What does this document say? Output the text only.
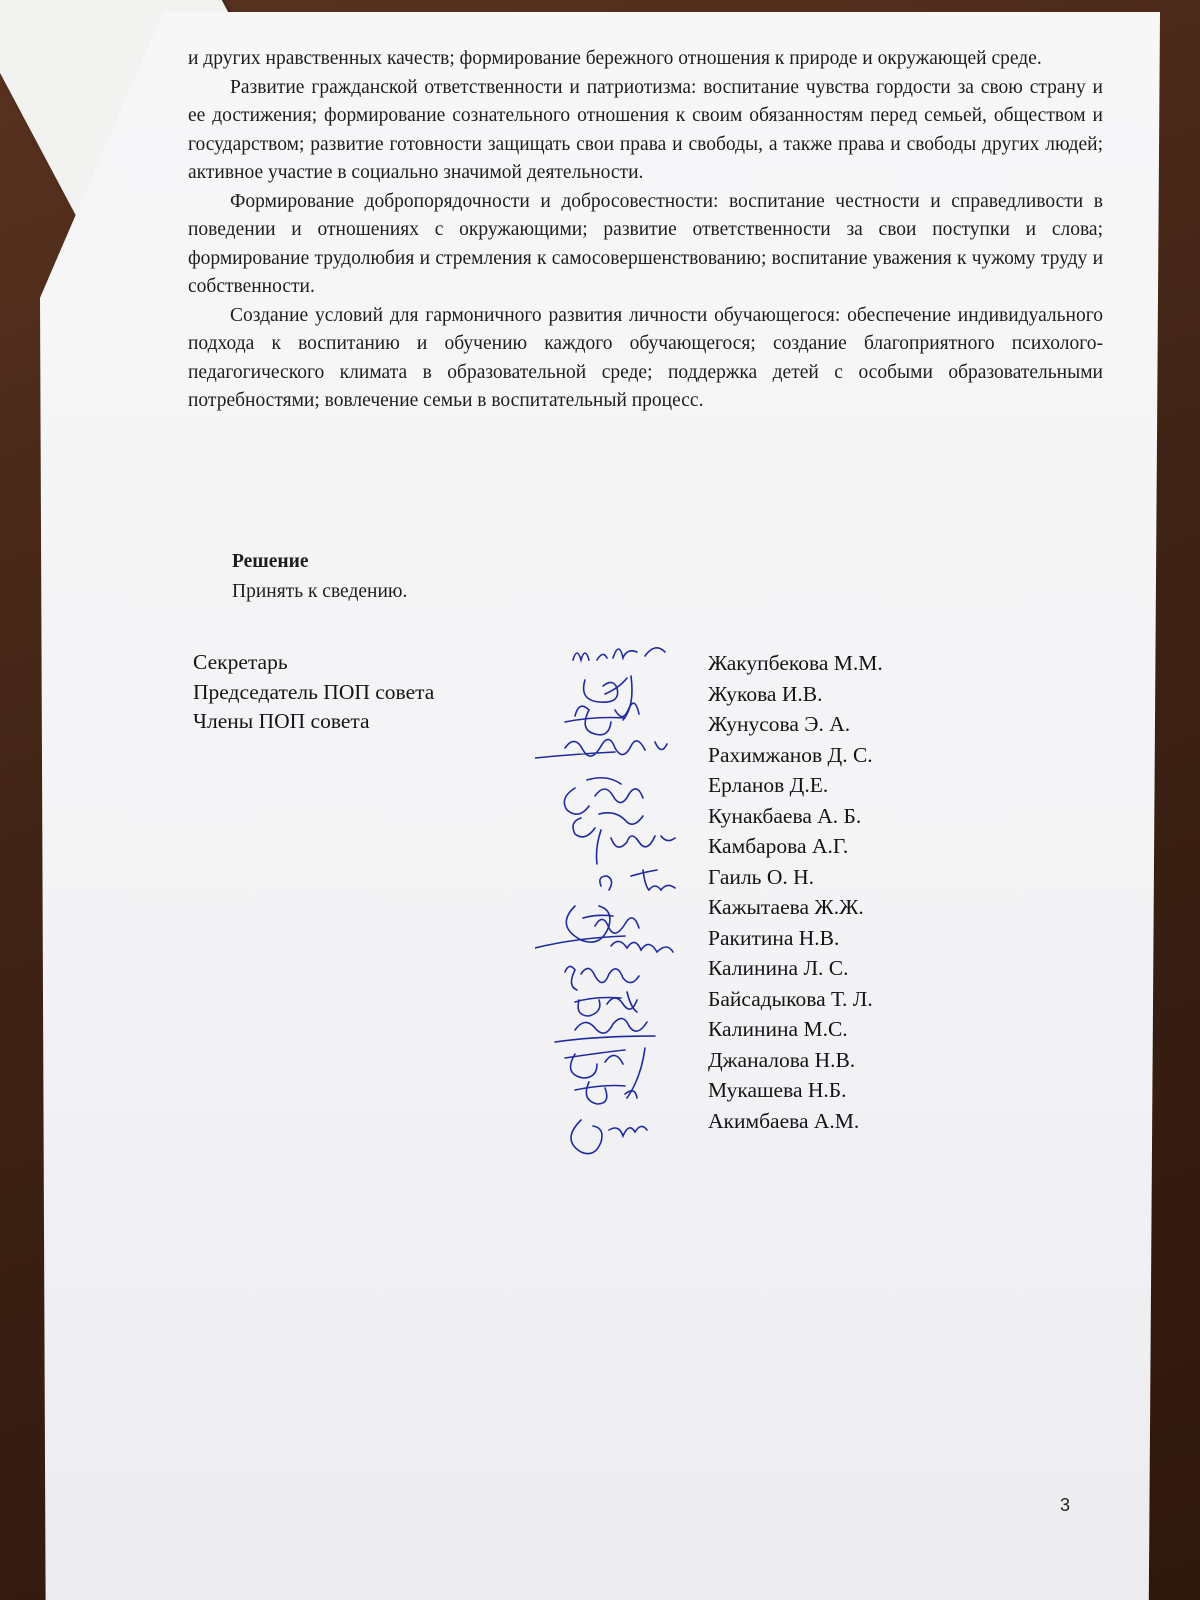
и других нравственных качеств; формирование бережного отношения к природе и окружающей среде.

Развитие гражданской ответственности и патриотизма: воспитание чувства гордости за свою страну и ее достижения; формирование сознательного отношения к своим обязанностям перед семьей, обществом и государством; развитие готовности защищать свои права и свободы, а также права и свободы других людей; активное участие в социально значимой деятельности.

Формирование добропорядочности и добросовестности: воспитание честности и справедливости в поведении и отношениях с окружающими; развитие ответственности за свои поступки и слова; формирование трудолюбия и стремления к самосовершенствованию; воспитание уважения к чужому труду и собственности.

Создание условий для гармоничного развития личности обучающегося: обеспечение индивидуального подхода к воспитанию и обучению каждого обучающегося; создание благоприятного психолого-педагогического климата в образовательной среде; поддержка детей с особыми образовательными потребностями; вовлечение семьи в воспитательный процесс.

Решение
Принять к сведению.
Секретарь
Председатель ПОП совета
Члены ПОП совета
Жакупбекова М.М.
Жукова И.В.
Жунусова Э. А.
Рахимжанов Д. С.
Ерланов Д.Е.
Кунакбаева А. Б.
Камбарова А.Г.
Гаиль О. Н.
Кажытаева Ж.Ж.
Ракитина Н.В.
Калинина Л. С.
Байсадыкова Т. Л.
Калинина М.С.
Джаналова Н.В.
Мукашева Н.Б.
Акимбаева А.М.
3
